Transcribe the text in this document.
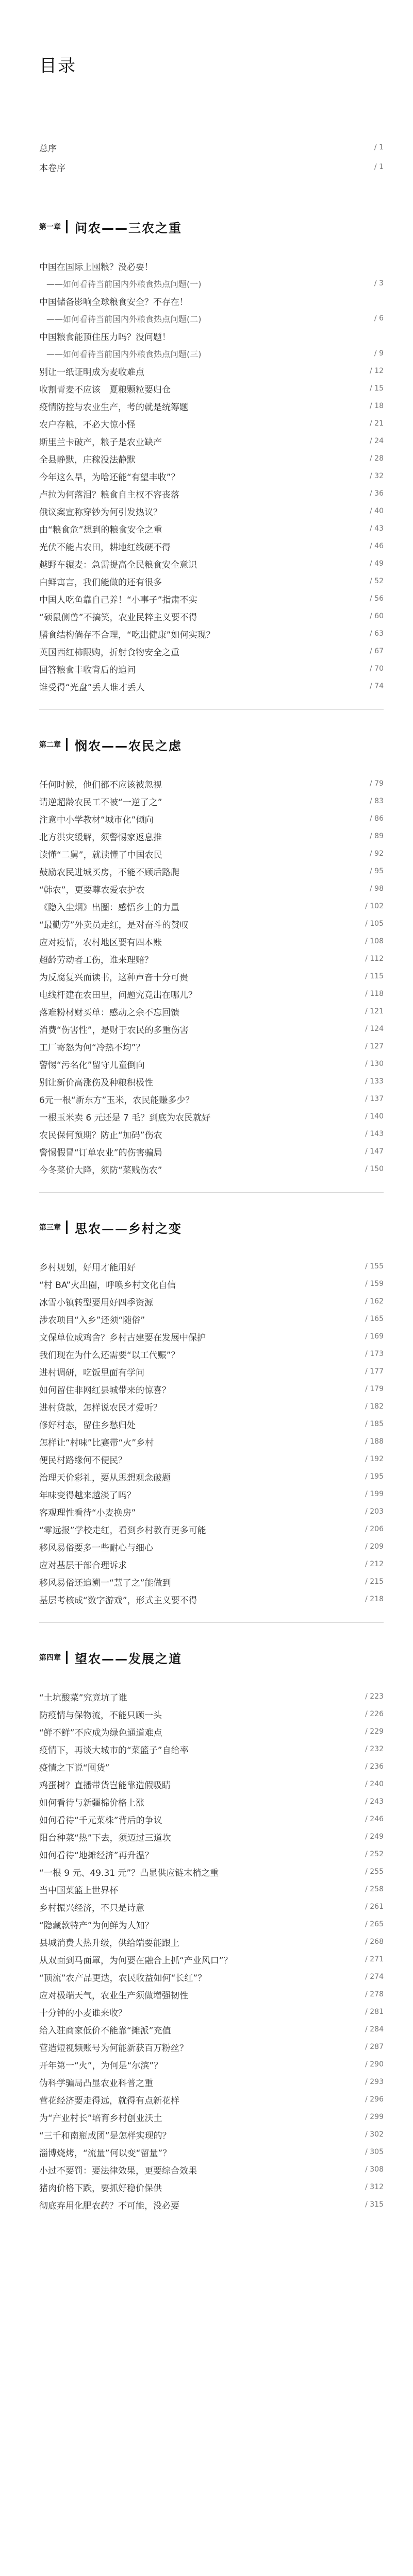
目录
总序	/ 1
本卷序	/ 1
第一章 问农——三农之重
中国在国际上囤粮？没必要！
——如何看待当前国内外粮食热点问题(一)	/ 3
中国储备影响全球粮食安全？不存在！
——如何看待当前国内外粮食热点问题(二)	/ 6
中国粮食能顶住压力吗？没问题！
——如何看待当前国内外粮食热点问题(三)	/ 9
别让一纸证明成为麦收难点	/ 12
收割青麦不应该　夏粮颗粒要归仓	/ 15
疫情防控与农业生产，考的就是统筹题	/ 18
农户存粮，不必大惊小怪	/ 21
斯里兰卡破产，粮子是农业缺产	/ 24
全县静默，庄稼没法静默	/ 28
今年这么旱，为啥还能“有望丰收”？	/ 32
卢拉为何落泪？粮食自主权不容丧落	/ 36
俄议案宣称穿钞为何引发热议？	/ 40
由“粮食危”想到的粮食安全之重	/ 43
光伏不能占农田，耕地红线硬不得	/ 46
越野车辗麦：急需提高全民粮食安全意识	/ 49
白鲜寓言，我们能做的还有很多	/ 52
中国人吃鱼靠自己养！“小事子”指肃不实	/ 56
“硕鼠侧兽”不搞笑，农业民粹主义要不得	/ 60
膳食结构倘存不合理，“吃出健康”如何实现？	/ 63
英国西红柿限购，折射食物安全之重	/ 67
回答粮食丰收背后的追问	/ 70
谁受得“光盘”丢人谁才丢人	/ 74
第二章 悯农——农民之虑
任何时候，他们都不应该被忽视	/ 79
请逆超龄农民工不被“一逆了之”	/ 83
注意中小学教材“城市化”倾向	/ 86
北方洪灾缓解，须警惕家返息推	/ 89
读懂“二舅”，就读懂了中国农民	/ 92
鼓励农民进城买房，不能不顾后路爬	/ 95
“韩农”，更要尊农爱农护农	/ 98
《隐入尘烟》出圈：感悟乡土的力量	/ 102
“最勤劳”外卖员走红，是对奋斗的赞叹	/ 105
应对疫情，农村地区要有四本账	/ 108
超龄劳动者工伤，谁来理赔？	/ 112
为反腐复兴而读书，这种声音十分可贵	/ 115
电线杆建在农田里，问题究竟出在哪儿？	/ 118
落难粉材财买单：感动之余不忘回馈	/ 121
消费“伤害性”，是财于农民的多重伤害	/ 124
工厂寄怒为何“冷热不均”？	/ 127
警惕“污名化”留守儿童倒向	/ 130
别让新价高涨伤及种粮积极性	/ 133
6元一根“新东方”玉米，农民能赚多少？	/ 137
一根玉米卖 6 元还是 7 毛？到底为农民就好	/ 140
农民保何预期？防止“加码”伤农	/ 143
警惕假冒“订单农业”的伤害骗局	/ 147
今冬菜价大降，须防“菜贱伤农”	/ 150
第三章 思农——乡村之变
乡村规划，好用才能用好	/ 155
“村 BA”火出圈，呼唤乡村文化自信	/ 159
冰雪小镇转型要用好四季资源	/ 162
涉农项目“入乡”还须“随俗”	/ 165
文保单位成鸡舍？乡村古建要在发展中保护	/ 169
我们现在为什么还需要“以工代赈”？	/ 173
进村调研，吃饭里面有学问	/ 177
如何留住非网红县城带来的惊喜？	/ 179
进村贷款，怎样说农民才爱听？	/ 182
修好村态，留住乡愁归处	/ 185
怎样让“村味”比赛带“火”乡村	/ 188
便民村路缘何不便民？	/ 192
治理天价彩礼，要从思想观念破题	/ 195
年味变得越来越淡了吗？	/ 199
客观理性看待“小麦换房”	/ 203
“零远报”学校走红，看到乡村教育更多可能	/ 206
移风易俗要多一些耐心与细心	/ 209
应对基层干部合理诉求	/ 212
移风易俗还追溯一“慧了之”能做到	/ 215
基层考核成“数字游戏”，形式主义要不得	/ 218
第四章 望农——发展之道
“土坑酸菜”究竟坑了谁	/ 223
防疫情与保物流，不能只顾一头	/ 226
“鲜不鲜”不应成为绿色通道难点	/ 229
疫情下，再谈大城市的“菜篮子”自给率	/ 232
疫情之下说“囤货”	/ 236
鸡蛋树？直播带货岂能靠造假吸睛	/ 240
如何看待与新疆棉价格上涨	/ 243
如何看待“千元菜株”背后的争议	/ 246
阳台种菜“热”下去，须迈过三道坎	/ 249
如何看待“地摊经济”再升温？	/ 252
“一根 9 元、49.31 元”？凸显供应链末梢之重	/ 255
当中国菜篮上世界杯	/ 258
乡村振兴经济，不只是诗意	/ 261
“隐藏款特产”为何鲜为人知？	/ 265
县城消费大热升级，供给端要能跟上	/ 268
从双面到马面罩，为何要在融合上抓“产业风口”？	/ 271
“顶流”农产品更迭，农民收益如何“长红”？	/ 274
应对极端天气，农业生产须做增强韧性	/ 278
十分钟的小麦谁来收？	/ 281
给入驻商家低价不能靠“摊派”充值	/ 284
营造短视频账号为何能新获百万粉丝？	/ 287
开年第一“火”，为何是“尔滨”？	/ 290
伪科学骗局凸显农业科普之重	/ 293
营花经济要走得远，就得有点新花样	/ 296
为“产业村长”培育乡村创业沃土	/ 299
“三千和南瓶成团”是怎样实现的？	/ 302
淄博烧烤，“流量”何以变“留量”？	/ 305
小过不要罚：要法律效果，更要综合效果	/ 308
猪肉价格下跌，要抓好稳价保供	/ 312
彻底弃用化肥农药？不可能，没必要	/ 315
